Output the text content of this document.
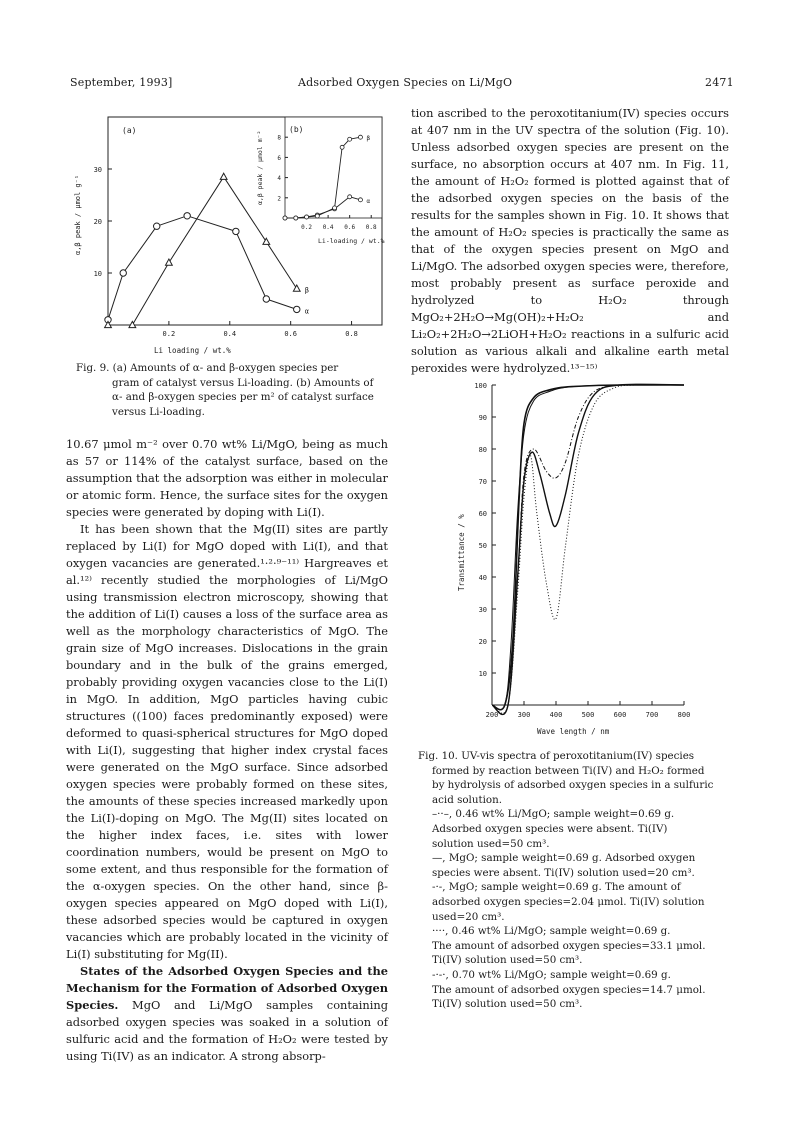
September, 1993]	Adsorbed Oxygen Species on Li/MgO	2471
(a)	(b)
α,β peak / μmol g⁻¹
Li loading / wt.%
α,β peak / μmol m⁻²
Li-loading / wt.%
10
20
30
0.2	0.4	0.6	0.8
α
β
2
4
6
8
0.2 0.4 0.6 0.8
α
β
Fig. 9. (a) Amounts of α- and β-oxygen species per
gram of catalyst versus Li-loading. (b) Amounts of
α- and β-oxygen species per m² of catalyst surface
versus Li-loading.

10.67 μmol m⁻² over 0.70 wt% Li/MgO, being as much as 57 or 114% of the catalyst surface, based on the assumption that the adsorption was either in molecular or atomic form. Hence, the surface sites for the oxygen species were generated by doping with Li(I).

It has been shown that the Mg(II) sites are partly replaced by Li(I) for MgO doped with Li(I), and that oxygen vacancies are generated.¹·²·⁹⁻¹¹⁾ Hargreaves et al.¹²⁾ recently studied the morphologies of Li/MgO using transmission electron microscopy, showing that the addition of Li(I) causes a loss of the surface area as well as the morphology characteristics of MgO. The grain size of MgO increases. Dislocations in the grain boundary and in the bulk of the grains emerged, probably providing oxygen vacancies close to the Li(I) in MgO. In addition, MgO particles having cubic structures ((100) faces predominantly exposed) were deformed to quasi-spherical structures for MgO doped with Li(I), suggesting that higher index crystal faces were generated on the MgO surface. Since adsorbed oxygen species were probably formed on these sites, the amounts of these species increased markedly upon the Li(I)-doping on MgO. The Mg(II) sites located on the higher index faces, i.e. sites with lower coordination numbers, would be present on MgO to some extent, and thus responsible for the formation of the α-oxygen species. On the other hand, since β-oxygen species appeared on MgO doped with Li(I), these adsorbed species would be captured in oxygen vacancies which are probably located in the vicinity of Li(I) substituting for Mg(II).

States of the Adsorbed Oxygen Species and the Mechanism for the Formation of Adsorbed Oxygen Species. MgO and Li/MgO samples containing adsorbed oxygen species was soaked in a solution of sulfuric acid and the formation of H₂O₂ were tested by using Ti(IV) as an indicator. A strong absorp-

tion ascribed to the peroxotitanium(IV) species occurs at 407 nm in the UV spectra of the solution (Fig. 10). Unless adsorbed oxygen species are present on the surface, no absorption occurs at 407 nm. In Fig. 11, the amount of H₂O₂ formed is plotted against that of the adsorbed oxygen species on the basis of the results for the samples shown in Fig. 10. It shows that the amount of H₂O₂ species is practically the same as that of the oxygen species present on MgO and Li/MgO. The adsorbed oxygen species were, therefore, most probably present as surface peroxide and hydrolyzed to H₂O₂ through MgO₂+2H₂O→Mg(OH)₂+H₂O₂ and Li₂O₂+2H₂O→2LiOH+H₂O₂ reactions in a sulfuric acid solution as various alkali and alkaline earth metal peroxides were hydrolyzed.¹³⁻¹⁵⁾

Transmittance / %
Wave length / nm
10
20
30
40
50
60
70
80
90
100
200	300	400	500	600	700	800
Fig. 10. UV-vis spectra of peroxotitanium(IV) species
formed by reaction between Ti(IV) and H₂O₂ formed
by hydrolysis of adsorbed oxygen species in a sulfuric
acid solution.
–··–, 0.46 wt% Li/MgO; sample weight=0.69 g.
Adsorbed oxygen species were absent. Ti(IV)
solution used=50 cm³.
—, MgO; sample weight=0.69 g. Adsorbed oxygen
species were absent. Ti(IV) solution used=20 cm³.
-·-, MgO; sample weight=0.69 g. The amount of
adsorbed oxygen species=2.04 μmol. Ti(IV) solution
used=20 cm³.
····, 0.46 wt% Li/MgO; sample weight=0.69 g.
The amount of adsorbed oxygen species=33.1 μmol.
Ti(IV) solution used=50 cm³.
-·-·, 0.70 wt% Li/MgO; sample weight=0.69 g.
The amount of adsorbed oxygen species=14.7 μmol.
Ti(IV) solution used=50 cm³.
